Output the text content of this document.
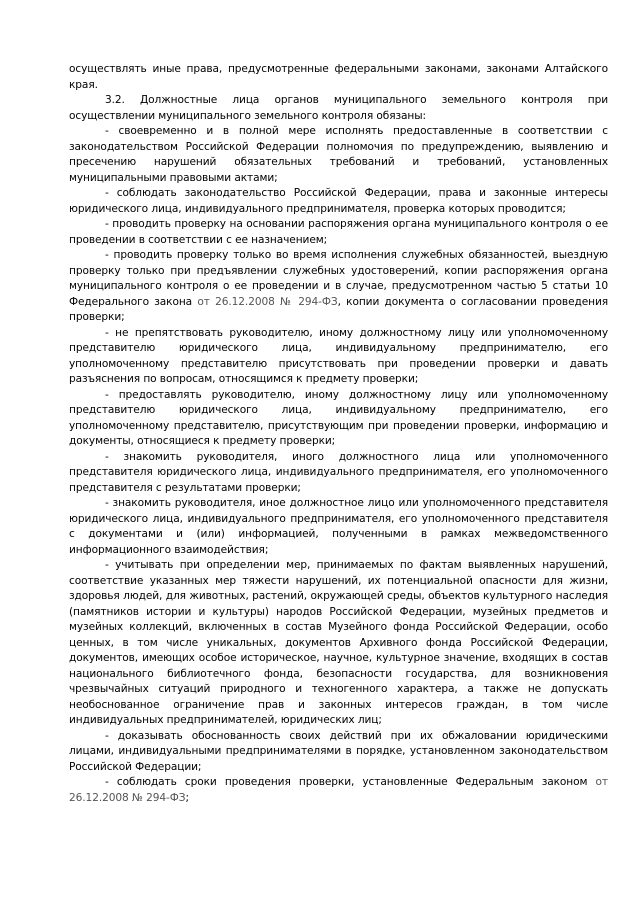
осуществлять иные права, предусмотренные федеральными законами, законами Алтайского края.

3.2. Должностные лица органов муниципального земельного контроля при осуществлении муниципального земельного контроля обязаны:

- своевременно и в полной мере исполнять предоставленные в соответствии с законодательством Российской Федерации полномочия по предупреждению, выявлению и пресечению нарушений обязательных требований и требований, установленных муниципальными правовыми актами;

- соблюдать законодательство Российской Федерации, права и законные интересы юридического лица, индивидуального предпринимателя, проверка которых проводится;

- проводить проверку на основании распоряжения органа муниципального контроля о ее проведении в соответствии с ее назначением;

- проводить проверку только во время исполнения служебных обязанностей, выездную проверку только при предъявлении служебных удостоверений, копии распоряжения органа муниципального контроля о ее проведении и в случае, предусмотренном частью 5 статьи 10 Федерального закона от 26.12.2008 № 294-ФЗ, копии документа о согласовании проведения проверки;

- не препятствовать руководителю, иному должностному лицу или уполномоченному представителю юридического лица, индивидуальному предпринимателю, его уполномоченному представителю присутствовать при проведении проверки и давать разъяснения по вопросам, относящимся к предмету проверки;

- предоставлять руководителю, иному должностному лицу или уполномоченному представителю юридического лица, индивидуальному предпринимателю, его уполномоченному представителю, присутствующим при проведении проверки, информацию и документы, относящиеся к предмету проверки;

- знакомить руководителя, иного должностного лица или уполномоченного представителя юридического лица, индивидуального предпринимателя, его уполномоченного представителя с результатами проверки;

- знакомить руководителя, иное должностное лицо или уполномоченного представителя юридического лица, индивидуального предпринимателя, его уполномоченного представителя с документами и (или) информацией, полученными в рамках межведомственного информационного взаимодействия;

- учитывать при определении мер, принимаемых по фактам выявленных нарушений, соответствие указанных мер тяжести нарушений, их потенциальной опасности для жизни, здоровья людей, для животных, растений, окружающей среды, объектов культурного наследия (памятников истории и культуры) народов Российской Федерации, музейных предметов и музейных коллекций, включенных в состав Музейного фонда Российской Федерации, особо ценных, в том числе уникальных, документов Архивного фонда Российской Федерации, документов, имеющих особое историческое, научное, культурное значение, входящих в состав национального библиотечного фонда, безопасности государства, для возникновения чрезвычайных ситуаций природного и техногенного характера, а также не допускать необоснованное ограничение прав и законных интересов граждан, в том числе индивидуальных предпринимателей, юридических лиц;

- доказывать обоснованность своих действий при их обжаловании юридическими лицами, индивидуальными предпринимателями в порядке, установленном законодательством Российской Федерации;

- соблюдать сроки проведения проверки, установленные Федеральным законом от 26.12.2008 № 294-ФЗ;
